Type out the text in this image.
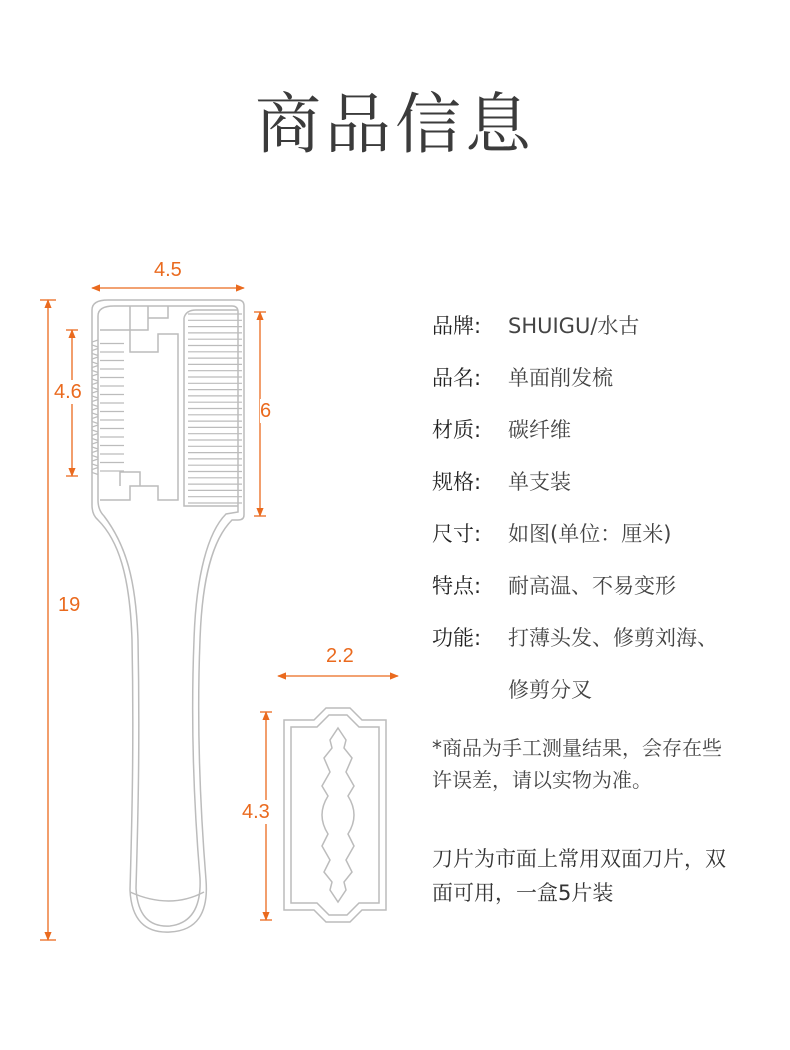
商品信息
4.5
4.6
6
19
2.2
4.3
品牌: SHUIGU/水古
品名: 单面削发梳
材质: 碳纤维
规格: 单支装
尺寸: 如图(单位：厘米)
特点: 耐高温、不易变形
功能: 打薄头发、修剪刘海、
修剪分叉
*商品为手工测量结果，会存在些许误差，请以实物为准。
刀片为市面上常用双面刀片，双面可用，一盒5片装
